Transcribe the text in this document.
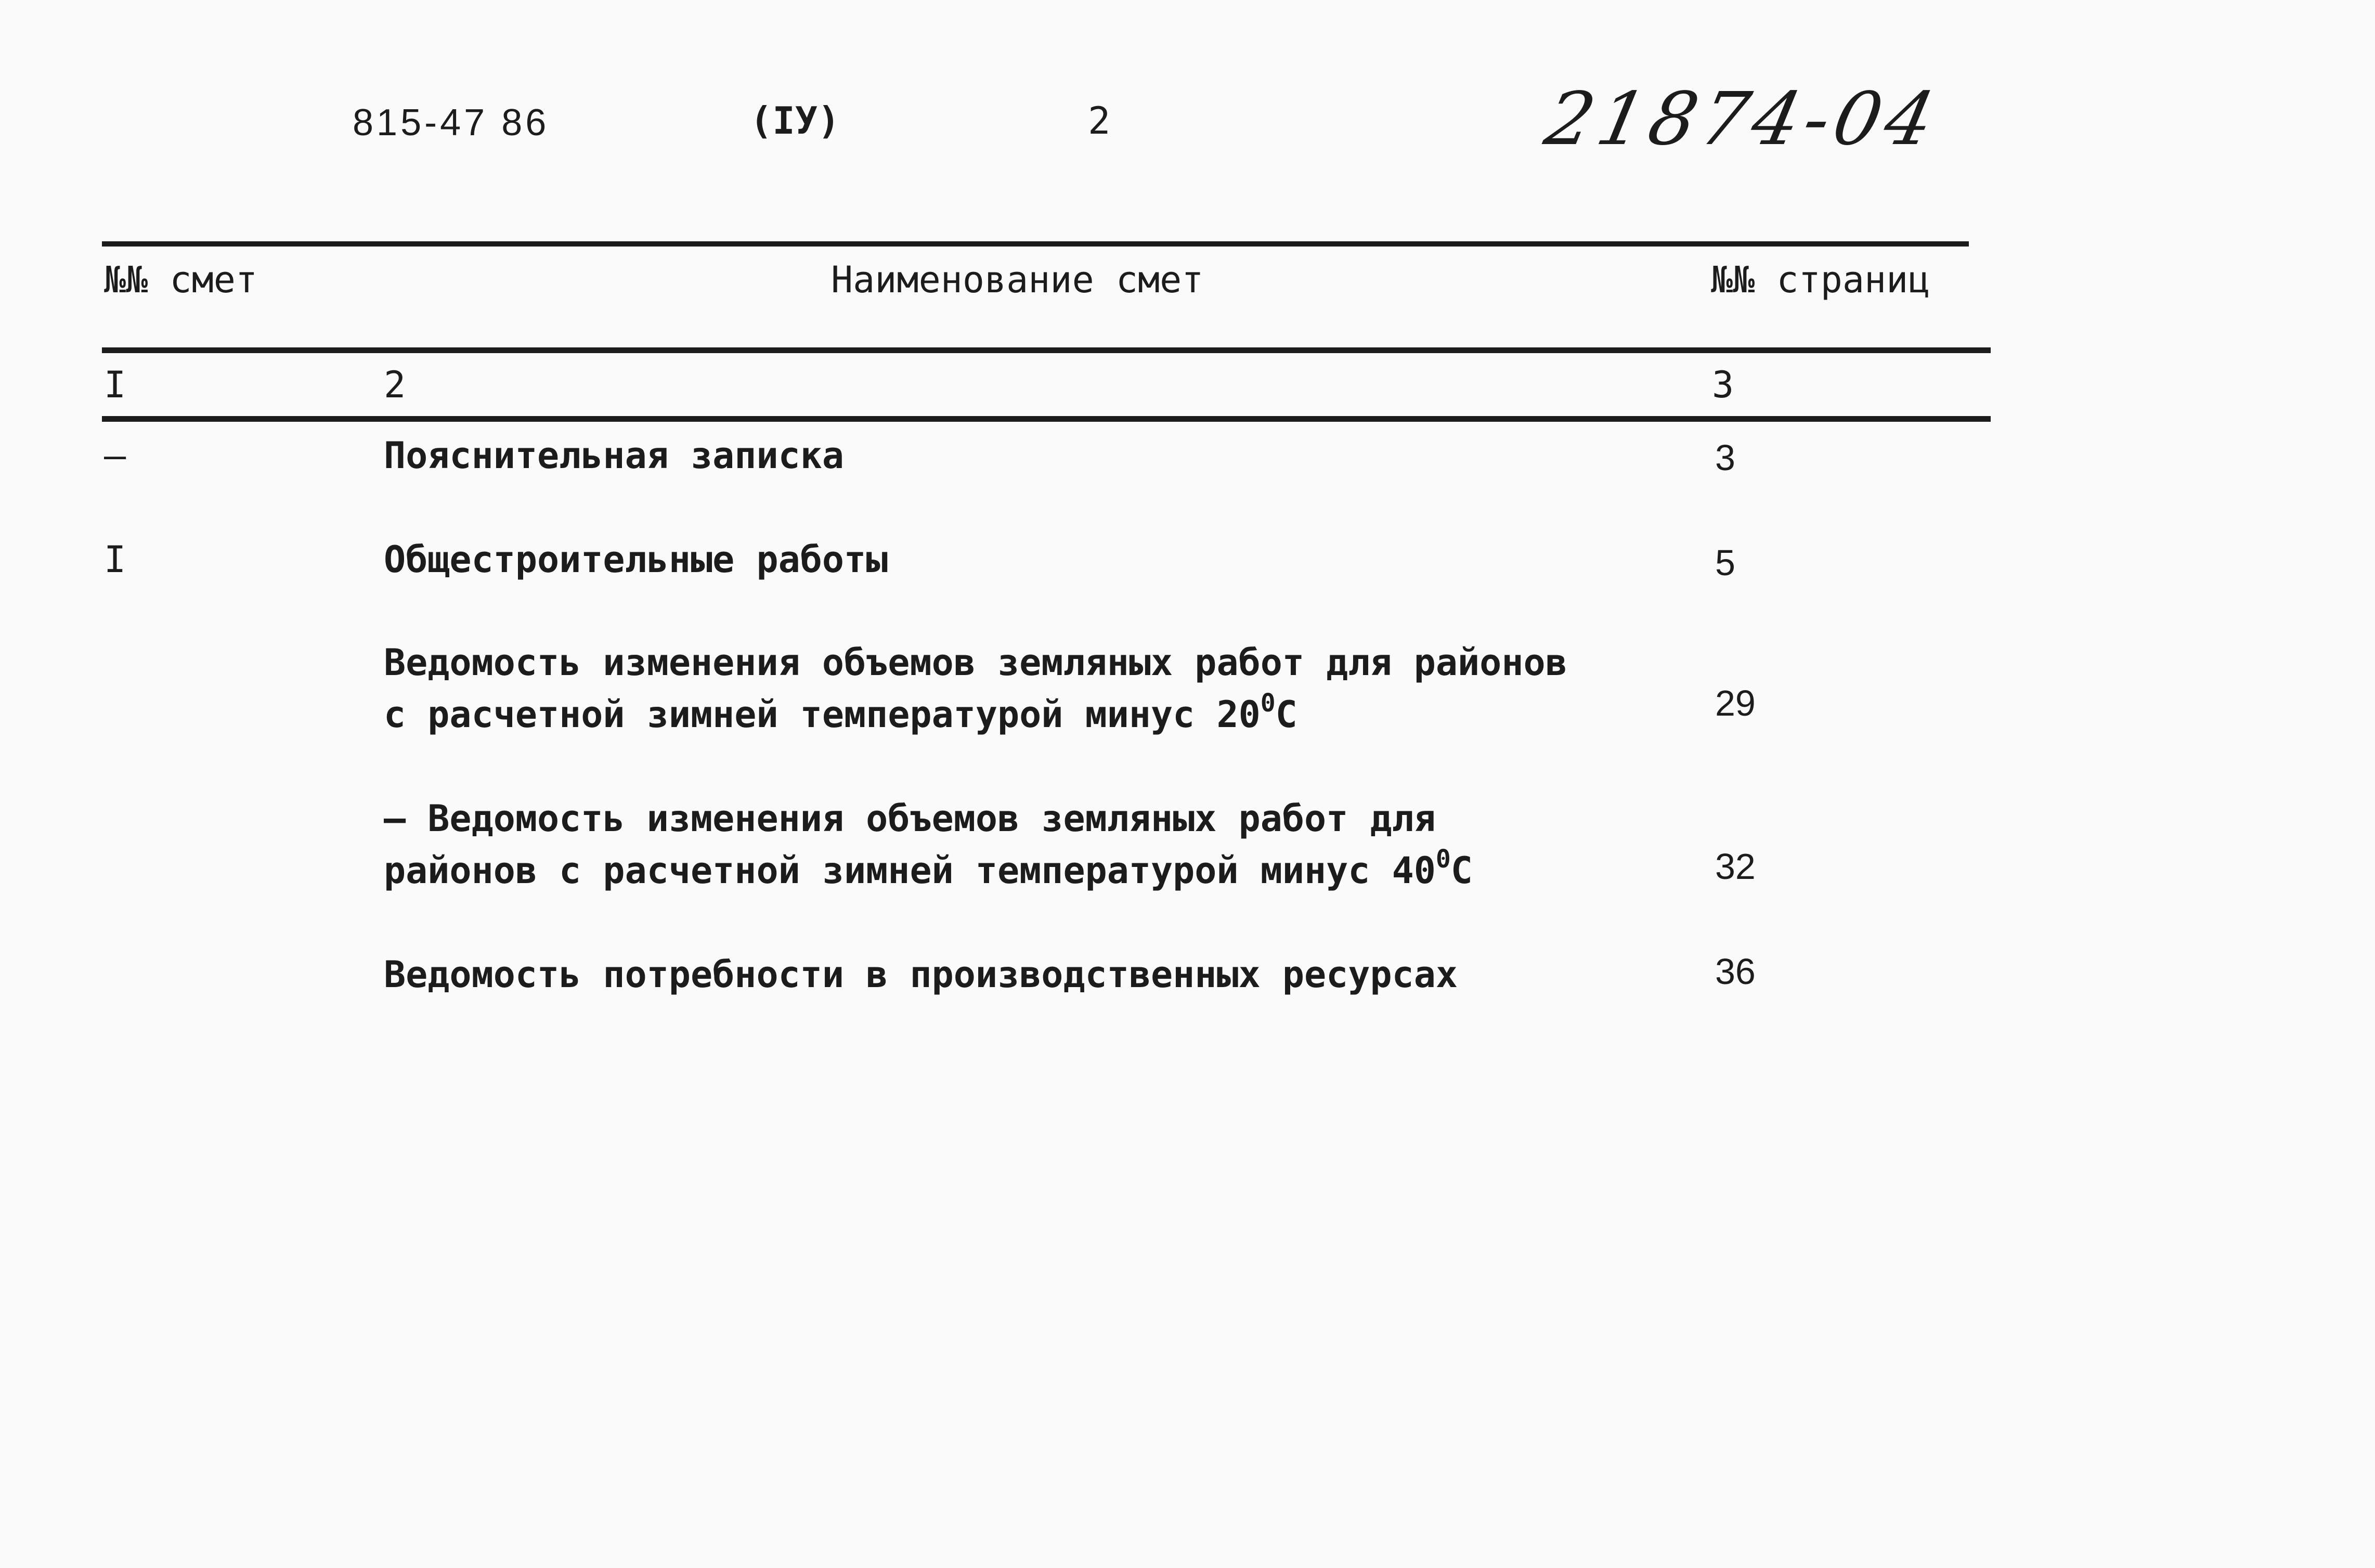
815-47 86	(IУ)	2	21874-04
№№ смет	Наименование смет	№№ страниц
I	2	3
–	Пояснительная записка	3
I	Общестроительные работы	5
Ведомость изменения объемов земляных работ для районов
с расчетной зимней температурой минус $20^0C$	29
– Ведомость изменения объемов земляных работ для
районов с расчетной зимней температурой минус $40^0C$	32
Ведомость потребности в производственных ресурсах	36
